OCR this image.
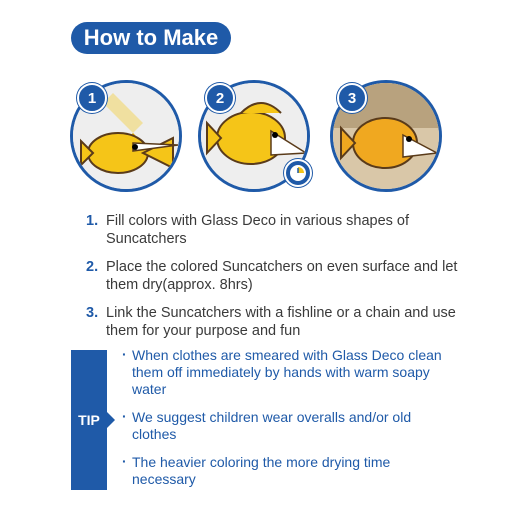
How to Make
1	2	3
1. Fill colors with Glass Deco in various shapes of Suncatchers
2. Place the colored Suncatchers on even surface and let them dry(approx. 8hrs)
3. Link the Suncatchers with a fishline or a chain and use them for your purpose and fun
TIP
· When clothes are smeared with Glass Deco clean them off immediately by hands with warm soapy water
· We suggest children wear overalls and/or old clothes
· The heavier coloring the more drying time necessary
